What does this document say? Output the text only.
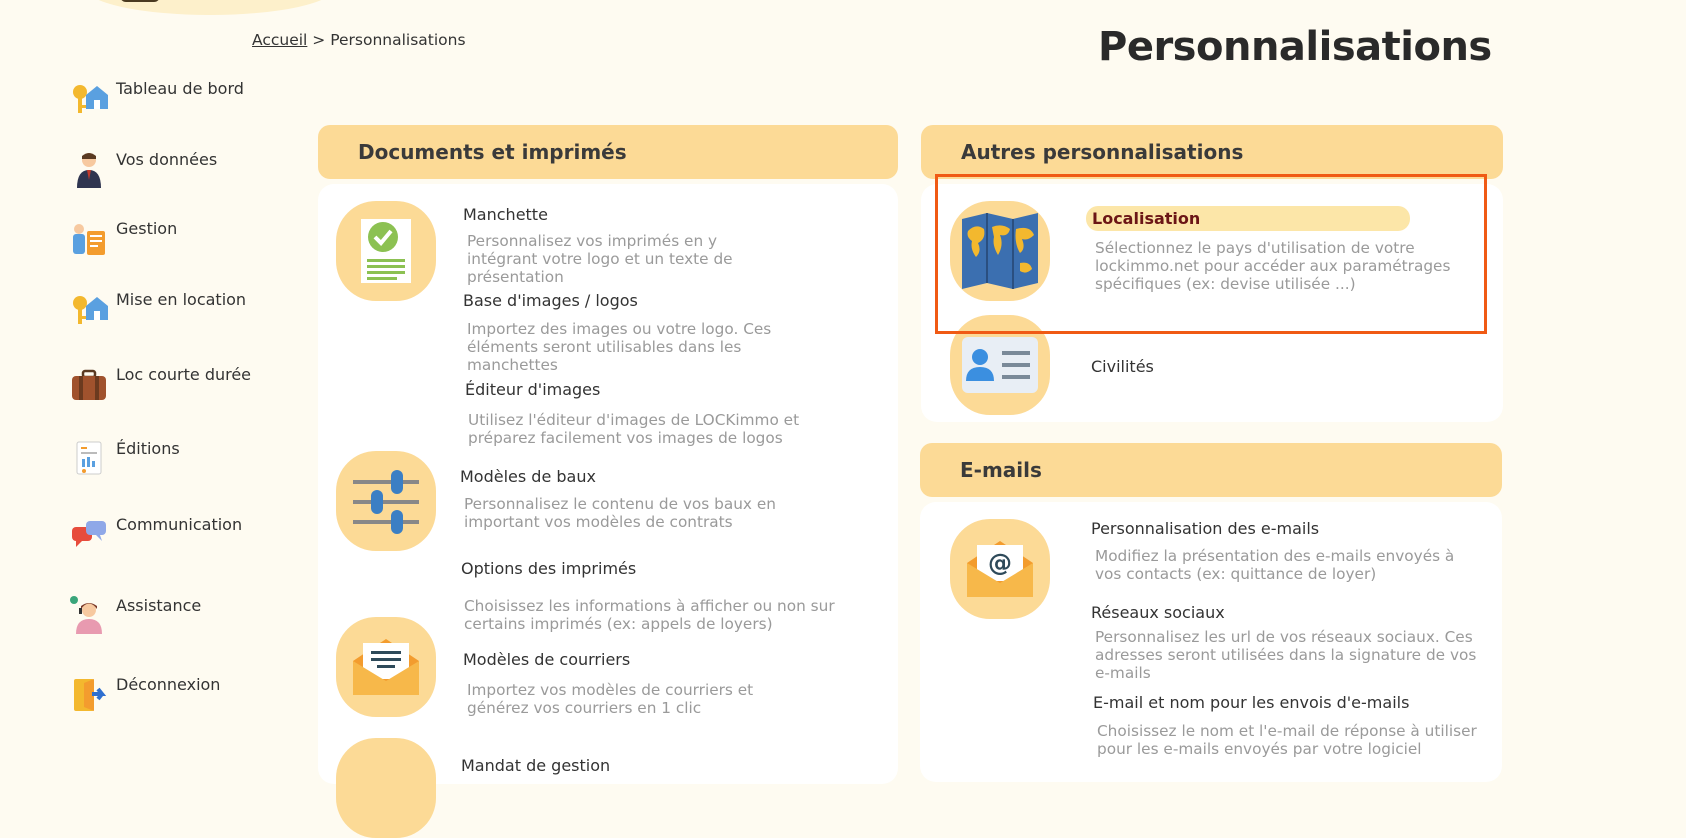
Accueil > Personnalisations	Personnalisations
Tableau de bord
Vos données
Gestion
Mise en location
Loc courte durée
Éditions
Communication
Assistance
Déconnexion
Documents et imprimés
Manchette
Personnalisez vos imprimés en y intégrant votre logo et un texte de présentation
Base d'images / logos
Importez des images ou votre logo. Ces éléments seront utilisables dans les manchettes
Éditeur d'images
Utilisez l'éditeur d'images de LOCKimmo et préparez facilement vos images de logos
Modèles de baux
Personnalisez le contenu de vos baux en important vos modèles de contrats
Options des imprimés
Choisissez les informations à afficher ou non sur certains imprimés (ex: appels de loyers)
Modèles de courriers
Importez vos modèles de courriers et générez vos courriers en 1 clic
Mandat de gestion
Autres personnalisations
Localisation
Sélectionnez le pays d'utilisation de votre lockimmo.net pour accéder aux paramétrages spécifiques (ex: devise utilisée ...)
Civilités
E-mails
@
Personnalisation des e-mails
Modifiez la présentation des e-mails envoyés à vos contacts (ex: quittance de loyer)
Réseaux sociaux
Personnalisez les url de vos réseaux sociaux. Ces adresses seront utilisées dans la signature de vos e-mails
E-mail et nom pour les envois d'e-mails
Choisissez le nom et l'e-mail de réponse à utiliser pour les e-mails envoyés par votre logiciel
